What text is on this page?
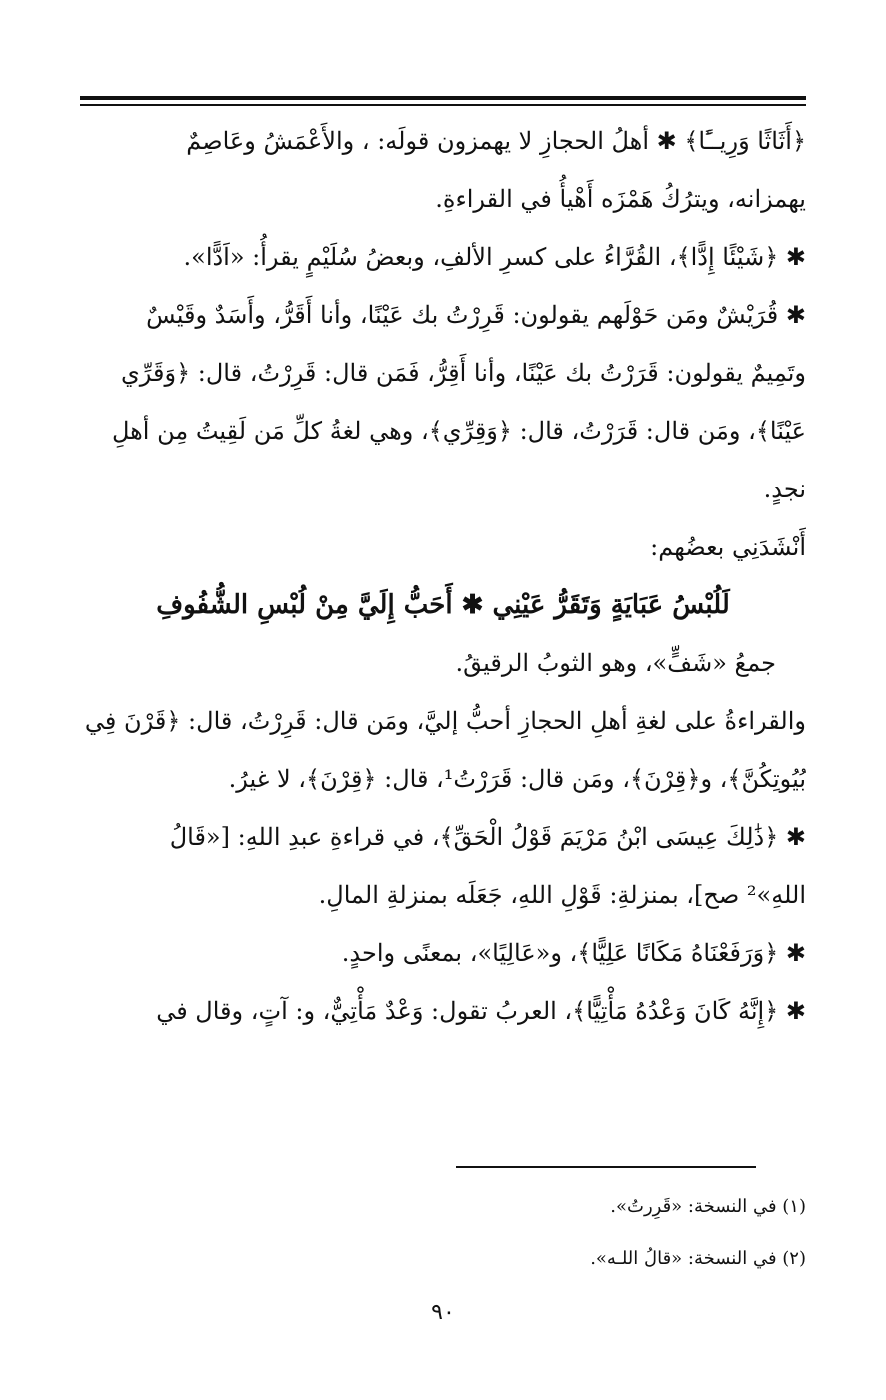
﴿أَثَاثًا وَرِيــًٔا﴾ ✱ أهلُ الحجازِ لا يهمزون قولَه: ، والأَعْمَشُ وعَاصِمٌ
يهمزانه، ويترُكُ هَمْزَه أَهْيأُ في القراءةِ.
✱ ﴿شَيْئًا إِدًّا﴾، القُرَّاءُ على كسرِ الألفِ، وبعضُ سُلَيْمٍ يقرأُ: «اَدًّا».
✱ قُرَيْشٌ ومَن حَوْلَهم يقولون: قَرِرْتُ بك عَيْنًا، وأنا أَقَرُّ، وأَسَدٌ وقَيْسٌ
وتَمِيمٌ يقولون: قَرَرْتُ بك عَيْنًا، وأنا أَقِرُّ، فَمَن قال: قَرِرْتُ، قال: ﴿وَقَرِّي
عَيْنًا﴾، ومَن قال: قَرَرْتُ، قال: ﴿وَقِرِّي﴾، وهي لغةُ كلِّ مَن لَقِيتُ مِن أهلِ
نجدٍ.
أَنْشَدَنِي بعضُهم:
لَلُبْسُ عَبَايَةٍ وَتَقَرُّ عَيْنِي ✱ أَحَبُّ إِلَيَّ مِنْ لُبْسِ الشُّفُوفِ
جمعُ «شَفٍّ»، وهو الثوبُ الرقيقُ.
والقراءةُ على لغةِ أهلِ الحجازِ أحبُّ إليَّ، ومَن قال: قَرِرْتُ، قال: ﴿قَرْنَ فِي
بُيُوتِكُنَّ﴾، و﴿قِرْنَ﴾، ومَن قال: قَرَرْتُ¹، قال: ﴿قِرْنَ﴾، لا غيرُ.
✱ ﴿ذَٰلِكَ عِيسَى ابْنُ مَرْيَمَ قَوْلُ الْحَقِّ﴾، في قراءةِ عبدِ اللهِ: [«قَالُ
اللهِ»² صح]، بمنزلةِ: قَوْلِ اللهِ، جَعَلَه بمنزلةِ المالِ.
✱ ﴿وَرَفَعْنَاهُ مَكَانًا عَلِيًّا﴾، و«عَالِيًا»، بمعنًى واحدٍ.
✱ ﴿إِنَّهُ كَانَ وَعْدُهُ مَأْتِيًّا﴾، العربُ تقول: وَعْدٌ مَأْتِيٌّ، و: آتٍ، وقال في
(١) في النسخة: «قَرِرتُ».
(٢) في النسخة: «قالُ اللـه».
٩٠
